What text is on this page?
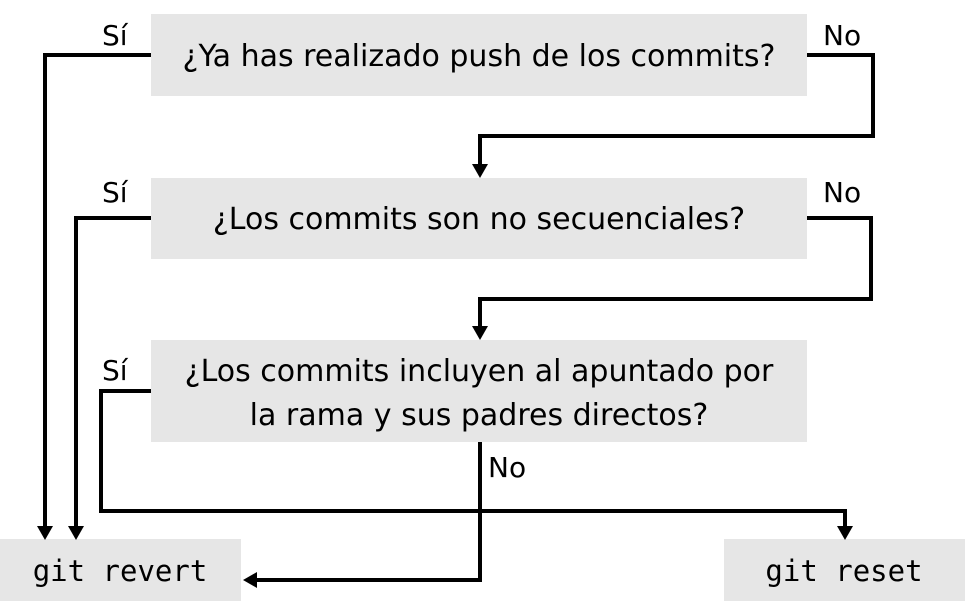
¿Ya has realizado push de los commits?
¿Los commits son no secuenciales?
¿Los commits incluyen al apuntado por
la rama y sus padres directos?
Sí	No
Sí	No
Sí
No
git revert	git reset
